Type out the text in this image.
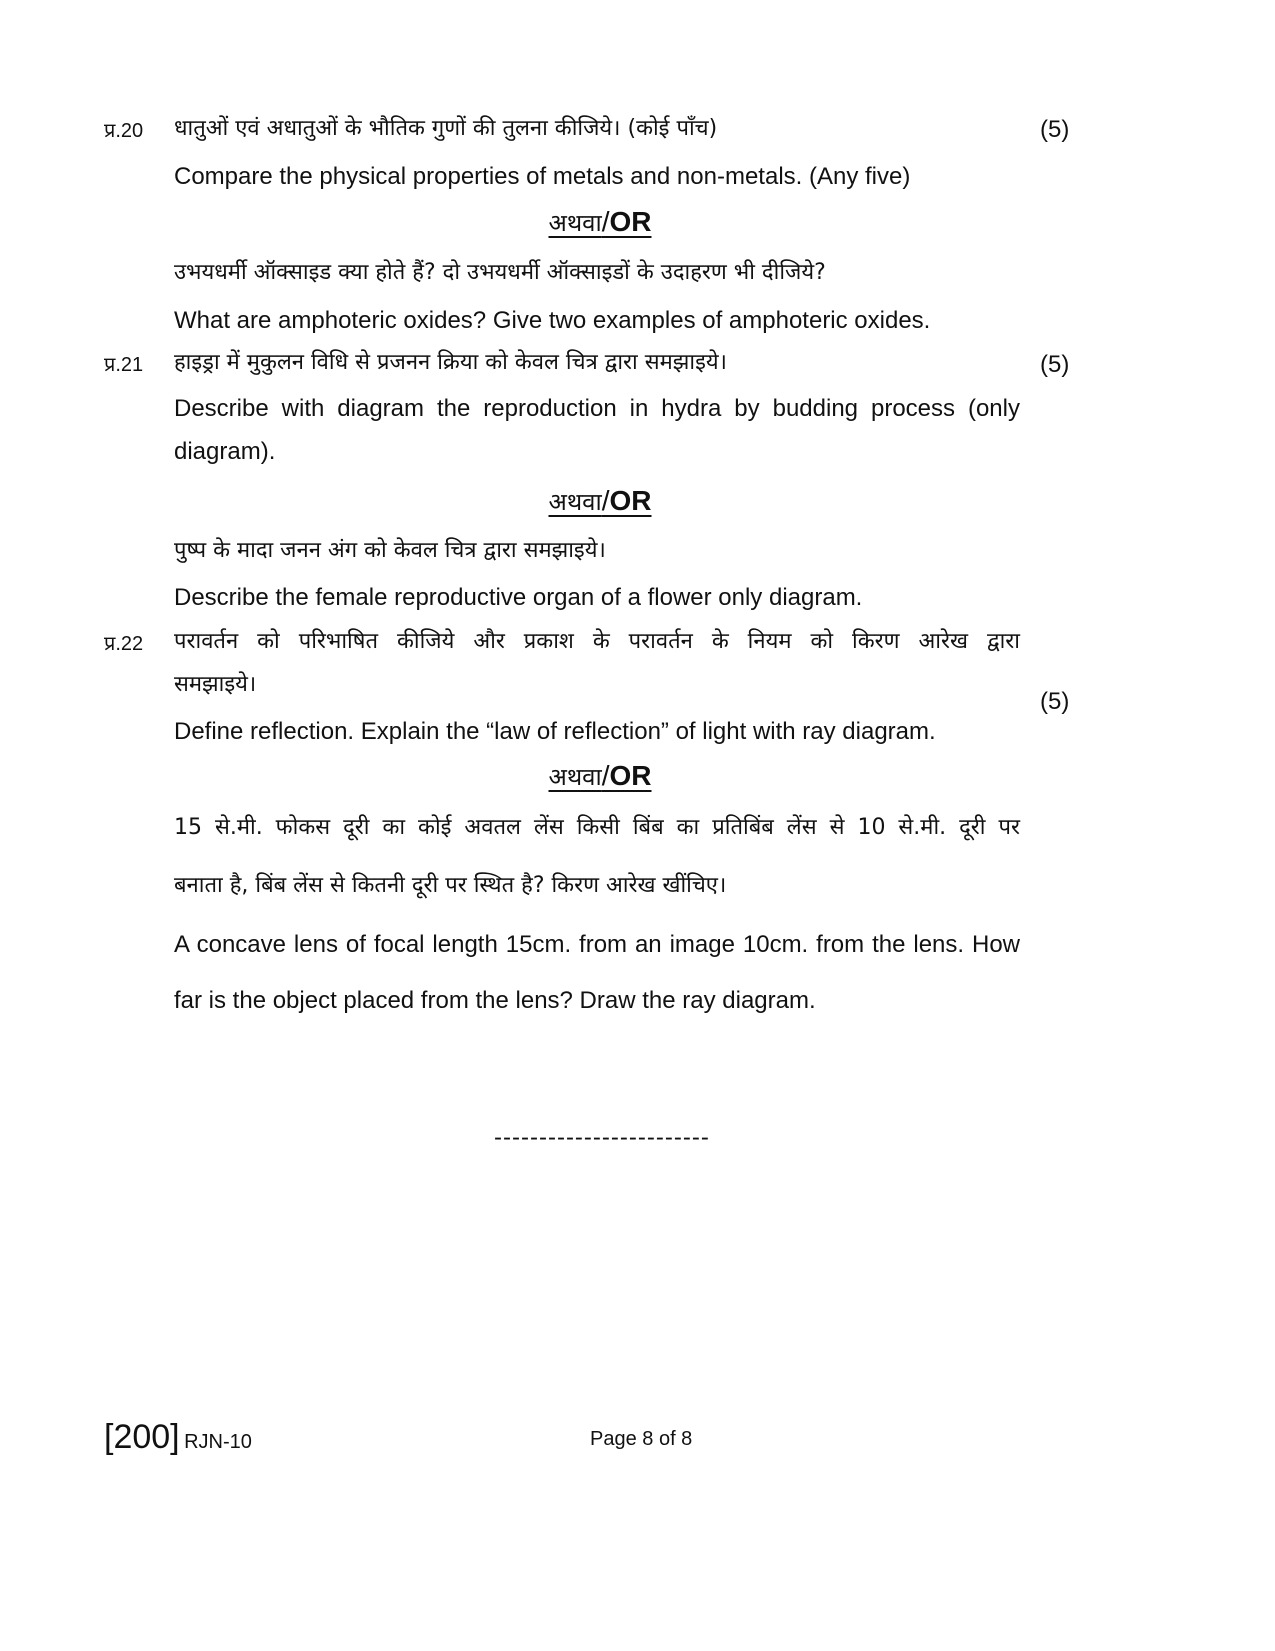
प्र.20 धातुओं एवं अधातुओं के भौतिक गुणों की तुलना कीजिये। (कोई पाँच)	(5)
Compare the physical properties of metals and non-metals. (Any five)
अथवा/OR
उभयधर्मी ऑक्साइड क्या होते हैं? दो उभयधर्मी ऑक्साइडों के उदाहरण भी दीजिये?
What are amphoteric oxides? Give two examples of amphoteric oxides.
प्र.21 हाइड्रा में मुकुलन विधि से प्रजनन क्रिया को केवल चित्र द्वारा समझाइये।	(5)
Describe with diagram the reproduction in hydra by budding process (only
diagram).
अथवा/OR
पुष्प के मादा जनन अंग को केवल चित्र द्वारा समझाइये।
Describe the female reproductive organ of a flower only diagram.
प्र.22 परावर्तन को परिभाषित कीजिये और प्रकाश के परावर्तन के नियम को किरण आरेख द्वारा
समझाइये।
(5)
Define reflection. Explain the “law of reflection” of light with ray diagram.
अथवा/OR
15 से.मी. फोकस दूरी का कोई अवतल लेंस किसी बिंब का प्रतिबिंब लेंस से 10 से.मी. दूरी पर
बनाता है, बिंब लेंस से कितनी दूरी पर स्थित है? किरण आरेख खींचिए।
A concave lens of focal length 15cm. from an image 10cm. from the lens. How
far is the object placed from the lens? Draw the ray diagram.
------------------------
[200] RJN-10	Page 8 of 8
